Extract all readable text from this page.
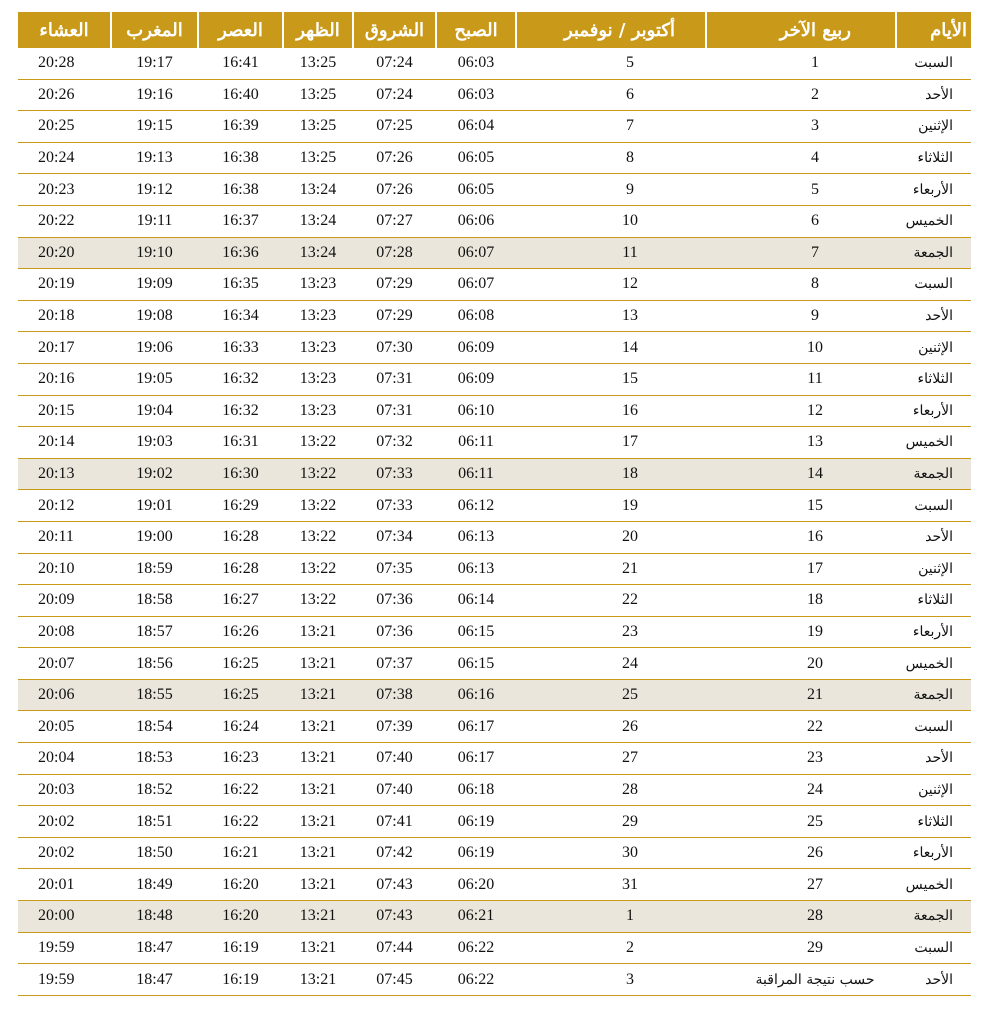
الأيام	ربيع الآخر	أكتوبر / نوفمبر	الصبح	الشروق	الظهر	العصر	المغرب	العشاء
السبت	1	5	06:03	07:24	13:25	16:41	19:17	20:28
الأحد	2	6	06:03	07:24	13:25	16:40	19:16	20:26
الإثنين	3	7	06:04	07:25	13:25	16:39	19:15	20:25
الثلاثاء	4	8	06:05	07:26	13:25	16:38	19:13	20:24
الأربعاء	5	9	06:05	07:26	13:24	16:38	19:12	20:23
الخميس	6	10	06:06	07:27	13:24	16:37	19:11	20:22
الجمعة	7	11	06:07	07:28	13:24	16:36	19:10	20:20
السبت	8	12	06:07	07:29	13:23	16:35	19:09	20:19
الأحد	9	13	06:08	07:29	13:23	16:34	19:08	20:18
الإثنين	10	14	06:09	07:30	13:23	16:33	19:06	20:17
الثلاثاء	11	15	06:09	07:31	13:23	16:32	19:05	20:16
الأربعاء	12	16	06:10	07:31	13:23	16:32	19:04	20:15
الخميس	13	17	06:11	07:32	13:22	16:31	19:03	20:14
الجمعة	14	18	06:11	07:33	13:22	16:30	19:02	20:13
السبت	15	19	06:12	07:33	13:22	16:29	19:01	20:12
الأحد	16	20	06:13	07:34	13:22	16:28	19:00	20:11
الإثنين	17	21	06:13	07:35	13:22	16:28	18:59	20:10
الثلاثاء	18	22	06:14	07:36	13:22	16:27	18:58	20:09
الأربعاء	19	23	06:15	07:36	13:21	16:26	18:57	20:08
الخميس	20	24	06:15	07:37	13:21	16:25	18:56	20:07
الجمعة	21	25	06:16	07:38	13:21	16:25	18:55	20:06
السبت	22	26	06:17	07:39	13:21	16:24	18:54	20:05
الأحد	23	27	06:17	07:40	13:21	16:23	18:53	20:04
الإثنين	24	28	06:18	07:40	13:21	16:22	18:52	20:03
الثلاثاء	25	29	06:19	07:41	13:21	16:22	18:51	20:02
الأربعاء	26	30	06:19	07:42	13:21	16:21	18:50	20:02
الخميس	27	31	06:20	07:43	13:21	16:20	18:49	20:01
الجمعة	28	1	06:21	07:43	13:21	16:20	18:48	20:00
السبت	29	2	06:22	07:44	13:21	16:19	18:47	19:59
الأحد	حسب نتيجة المراقبة	3	06:22	07:45	13:21	16:19	18:47	19:59
